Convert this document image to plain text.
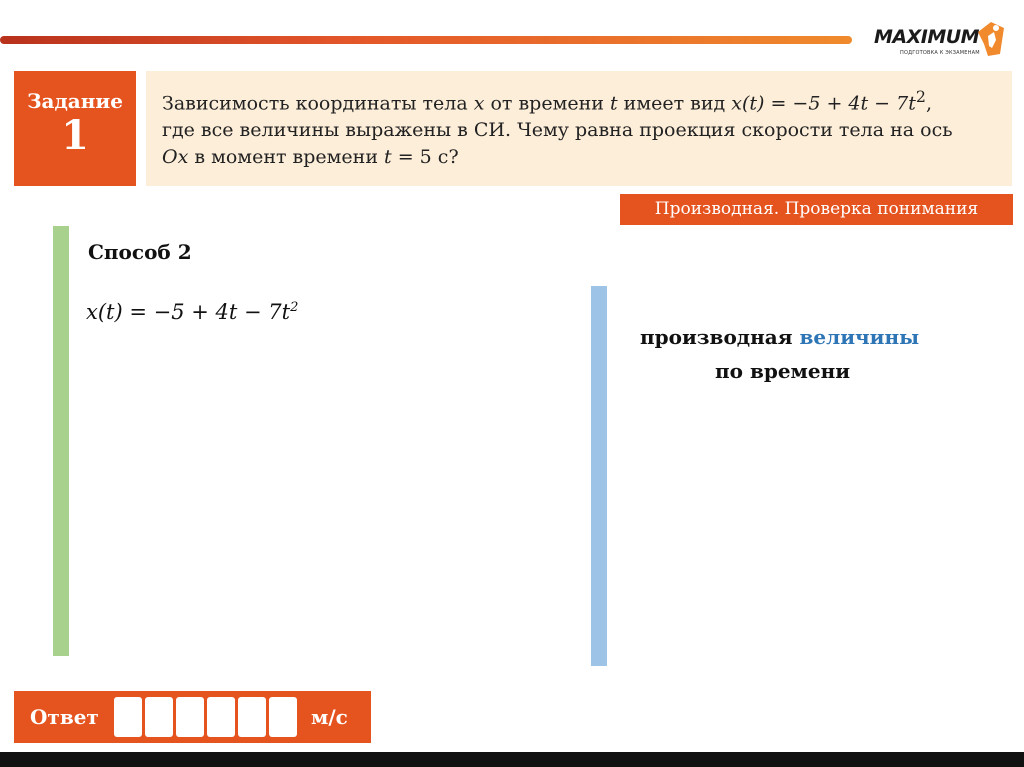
MAXIMUM
ПОДГОТОВКА К ЭКЗАМЕНАМ
Задание
1
Зависимость координаты тела x от времени t имеет вид $x(t) = -5 + 4t - 7t^2$,
где все величины выражены в СИ. Чему равна проекция скорости тела на ось
Ox в момент времени t = 5 с?
Производная. Проверка понимания
Способ 2
$x(t) = -5 + 4t - 7t^2$
производная величины
по времени
Ответ	м/с
